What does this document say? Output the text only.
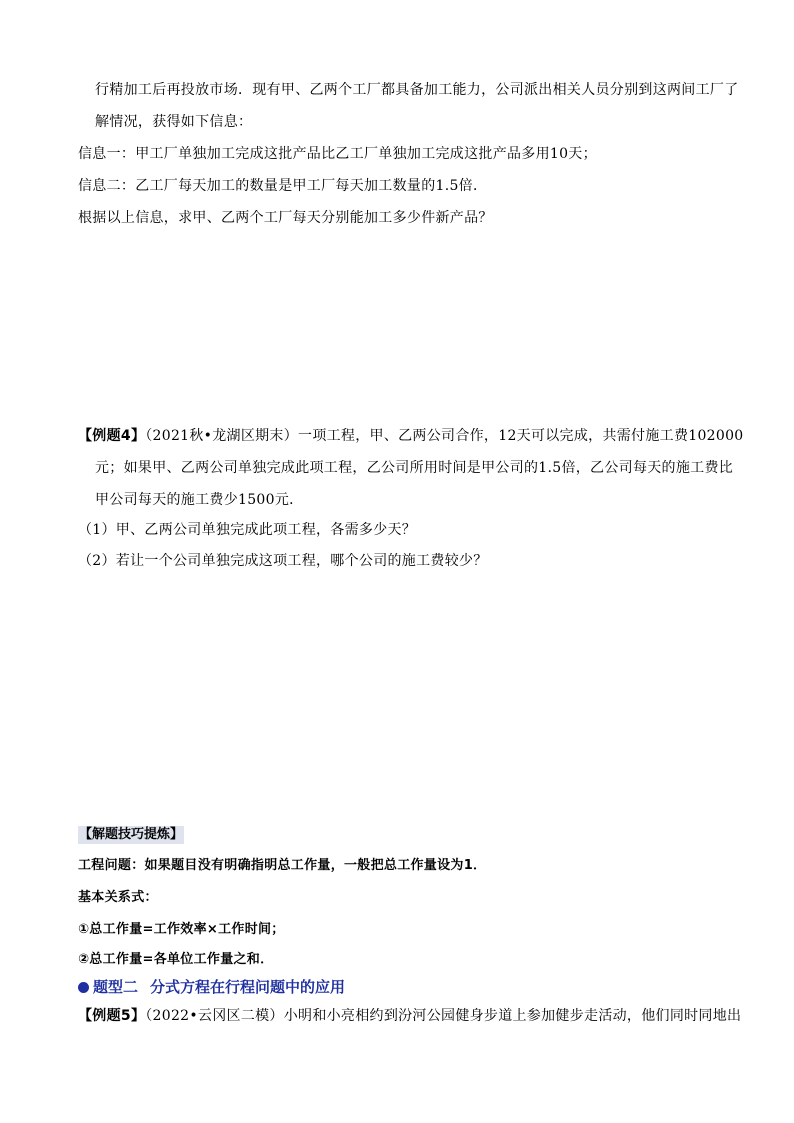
行精加工后再投放市场．现有甲、乙两个工厂都具备加工能力，公司派出相关人员分别到这两间工厂了
解情况，获得如下信息：
信息一：甲工厂单独加工完成这批产品比乙工厂单独加工完成这批产品多用10天；
信息二：乙工厂每天加工的数量是甲工厂每天加工数量的1.5倍．
根据以上信息，求甲、乙两个工厂每天分别能加工多少件新产品？
【例题4】（2021秋•龙湖区期末）一项工程，甲、乙两公司合作，12天可以完成，共需付施工费102000
元；如果甲、乙两公司单独完成此项工程，乙公司所用时间是甲公司的1.5倍，乙公司每天的施工费比
甲公司每天的施工费少1500元．
（1）甲、乙两公司单独完成此项工程，各需多少天？
（2）若让一个公司单独完成这项工程，哪个公司的施工费较少？
【解题技巧提炼】
工程问题：如果题目没有明确指明总工作量，一般把总工作量设为1．
基本关系式：
①总工作量=工作效率×工作时间；
②总工作量=各单位工作量之和．
题型二 分式方程在行程问题中的应用
【例题5】（2022•云冈区二模）小明和小亮相约到汾河公园健身步道上参加健步走活动，他们同时同地出
